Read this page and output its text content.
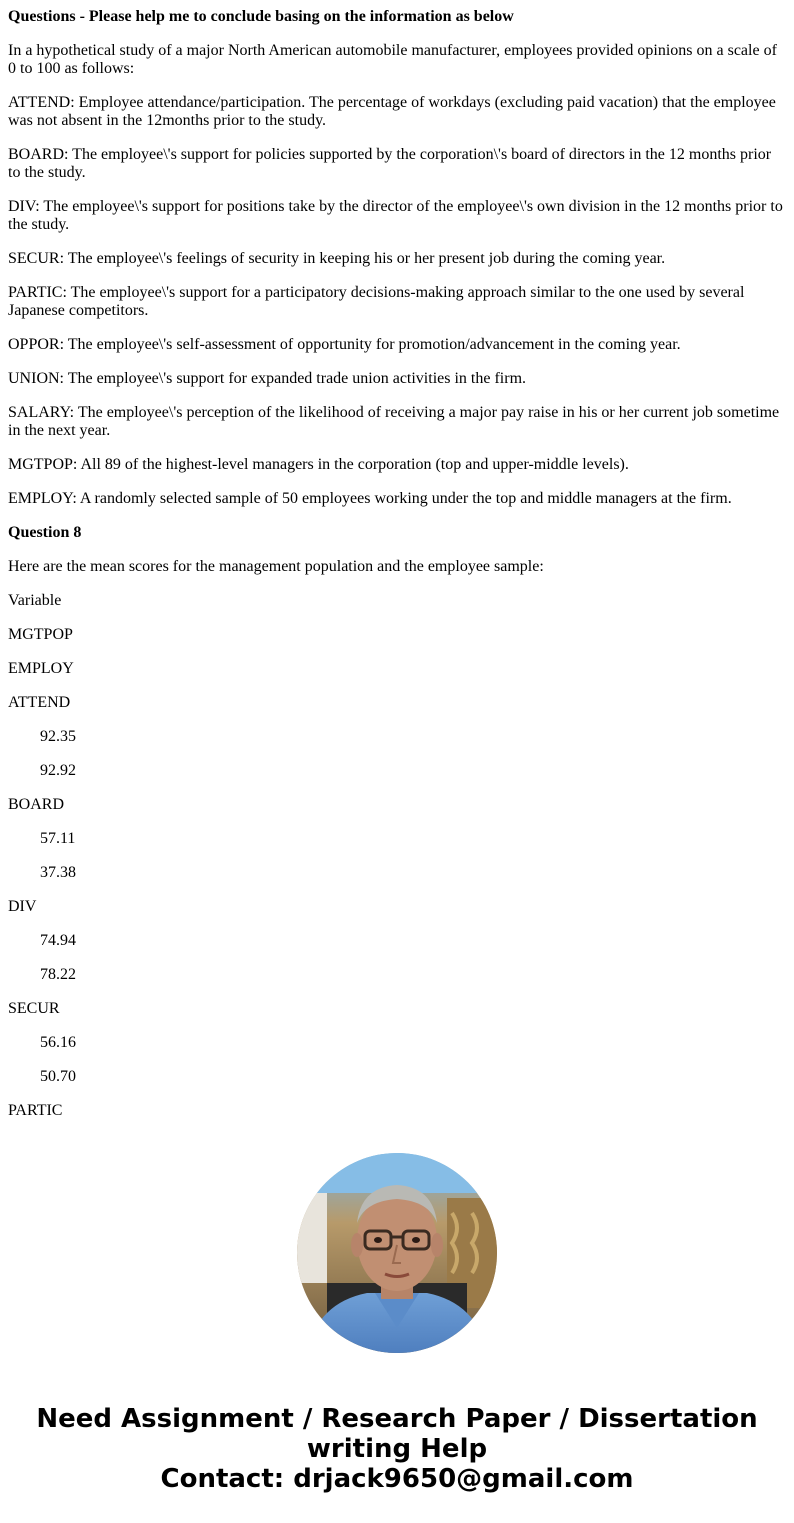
Questions - Please help me to conclude basing on the information as below

In a hypothetical study of a major North American automobile manufacturer, employees provided opinions on a scale of 0 to 100 as follows:

ATTEND: Employee attendance/participation. The percentage of workdays (excluding paid vacation) that the employee was not absent in the 12months prior to the study.

BOARD: The employee\'s support for policies supported by the corporation\'s board of directors in the 12 months prior to the study.

DIV: The employee\'s support for positions take by the director of the employee\'s own division in the 12 months prior to the study.

SECUR: The employee\'s feelings of security in keeping his or her present job during the coming year.

PARTIC: The employee\'s support for a participatory decisions-making approach similar to the one used by several Japanese competitors.

OPPOR: The employee\'s self-assessment of opportunity for promotion/advancement in the coming year.

UNION: The employee\'s support for expanded trade union activities in the firm.

SALARY: The employee\'s perception of the likelihood of receiving a major pay raise in his or her current job sometime in the next year.

MGTPOP: All 89 of the highest-level managers in the corporation (top and upper-middle levels).

EMPLOY: A randomly selected sample of 50 employees working under the top and middle managers at the firm.

Question 8

Here are the mean scores for the management population and the employee sample:

Variable

MGTPOP

EMPLOY

ATTEND

92.35

92.92

BOARD

57.11

37.38

DIV

74.94

78.22

SECUR

56.16

50.70

PARTIC

Need Assignment / Research Paper / Dissertation
writing Help
Contact: drjack9650@gmail.com
